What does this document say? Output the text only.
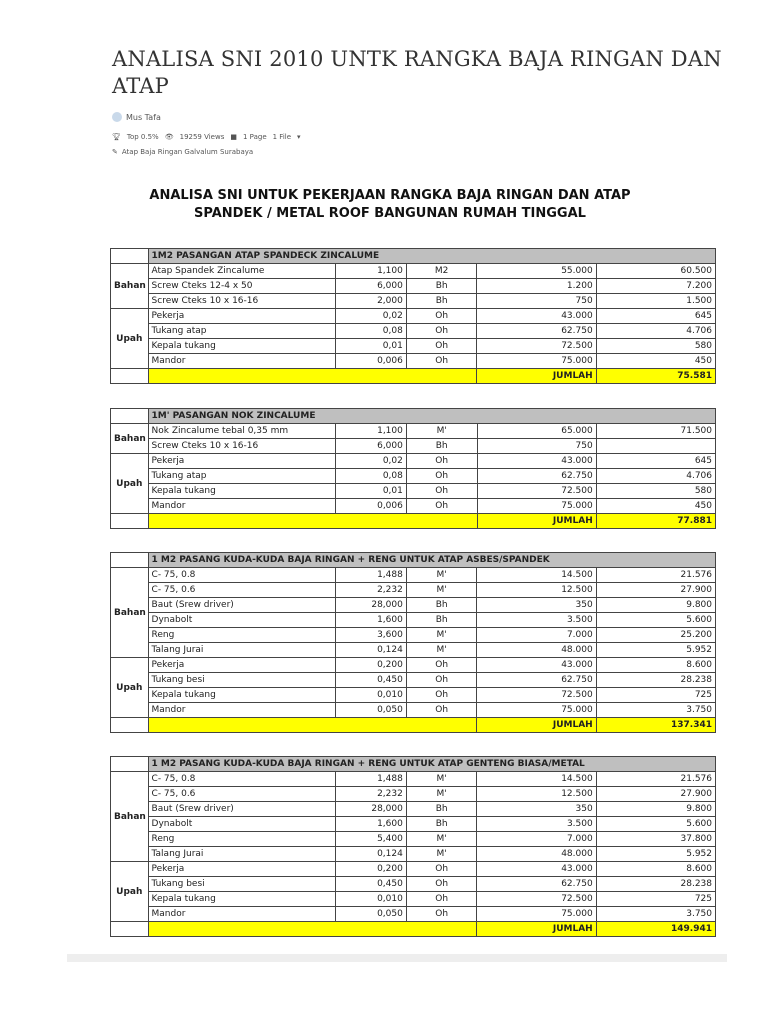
ANALISA SNI 2010 UNTK RANGKA BAJA RINGAN DAN ATAP
Mus Tafa
🏆︎ Top 0.5% 👁︎ 19259 Views ■ 1 Page 1 File ▾
✎ Atap Baja Ringan Galvalum Surabaya
ANALISA SNI UNTUK PEKERJAAN RANGKA BAJA RINGAN DAN ATAP
SPANDEK / METAL ROOF BANGUNAN RUMAH TINGGAL
	1M2 PASANGAN ATAP SPANDECK ZINCALUME				
Bahan	Atap Spandek Zincalume	1,100	M2	55.000	60.500
	Screw Cteks 12-4 x 50	6,000	Bh	1.200	7.200
	Screw Cteks 10 x 16-16	2,000	Bh	750	1.500
Upah	Pekerja	0,02	Oh	43.000	645
	Tukang atap	0,08	Oh	62.750	4.706
	Kepala tukang	0,01	Oh	72.500	580
	Mandor	0,006	Oh	75.000	450
				JUMLAH	75.581
	1M' PASANGAN NOK ZINCALUME				
Bahan	Nok Zincalume tebal 0,35 mm	1,100	M'	65.000	71.500
	Screw Cteks 10 x 16-16	6,000	Bh	750	
Upah	Pekerja	0,02	Oh	43.000	645
	Tukang atap	0,08	Oh	62.750	4.706
	Kepala tukang	0,01	Oh	72.500	580
	Mandor	0,006	Oh	75.000	450
				JUMLAH	77.881
	1 M2 PASANG KUDA-KUDA BAJA RINGAN + RENG UNTUK ATAP ASBES/SPANDEK				
Bahan	C- 75, 0.8	1,488	M'	14.500	21.576
	C- 75, 0.6	2,232	M'	12.500	27.900
	Baut (Srew driver)	28,000	Bh	350	9.800
	Dynabolt	1,600	Bh	3.500	5.600
	Reng	3,600	M'	7.000	25.200
	Talang Jurai	0,124	M'	48.000	5.952
Upah	Pekerja	0,200	Oh	43.000	8.600
	Tukang besi	0,450	Oh	62.750	28.238
	Kepala tukang	0,010	Oh	72.500	725
	Mandor	0,050	Oh	75.000	3.750
				JUMLAH	137.341
	1 M2 PASANG KUDA-KUDA BAJA RINGAN + RENG UNTUK ATAP GENTENG BIASA/METAL				
Bahan	C- 75, 0.8	1,488	M'	14.500	21.576
	C- 75, 0.6	2,232	M'	12.500	27.900
	Baut (Srew driver)	28,000	Bh	350	9.800
	Dynabolt	1,600	Bh	3.500	5.600
	Reng	5,400	M'	7.000	37.800
	Talang Jurai	0,124	M'	48.000	5.952
Upah	Pekerja	0,200	Oh	43.000	8.600
	Tukang besi	0,450	Oh	62.750	28.238
	Kepala tukang	0,010	Oh	72.500	725
	Mandor	0,050	Oh	75.000	3.750
				JUMLAH	149.941
